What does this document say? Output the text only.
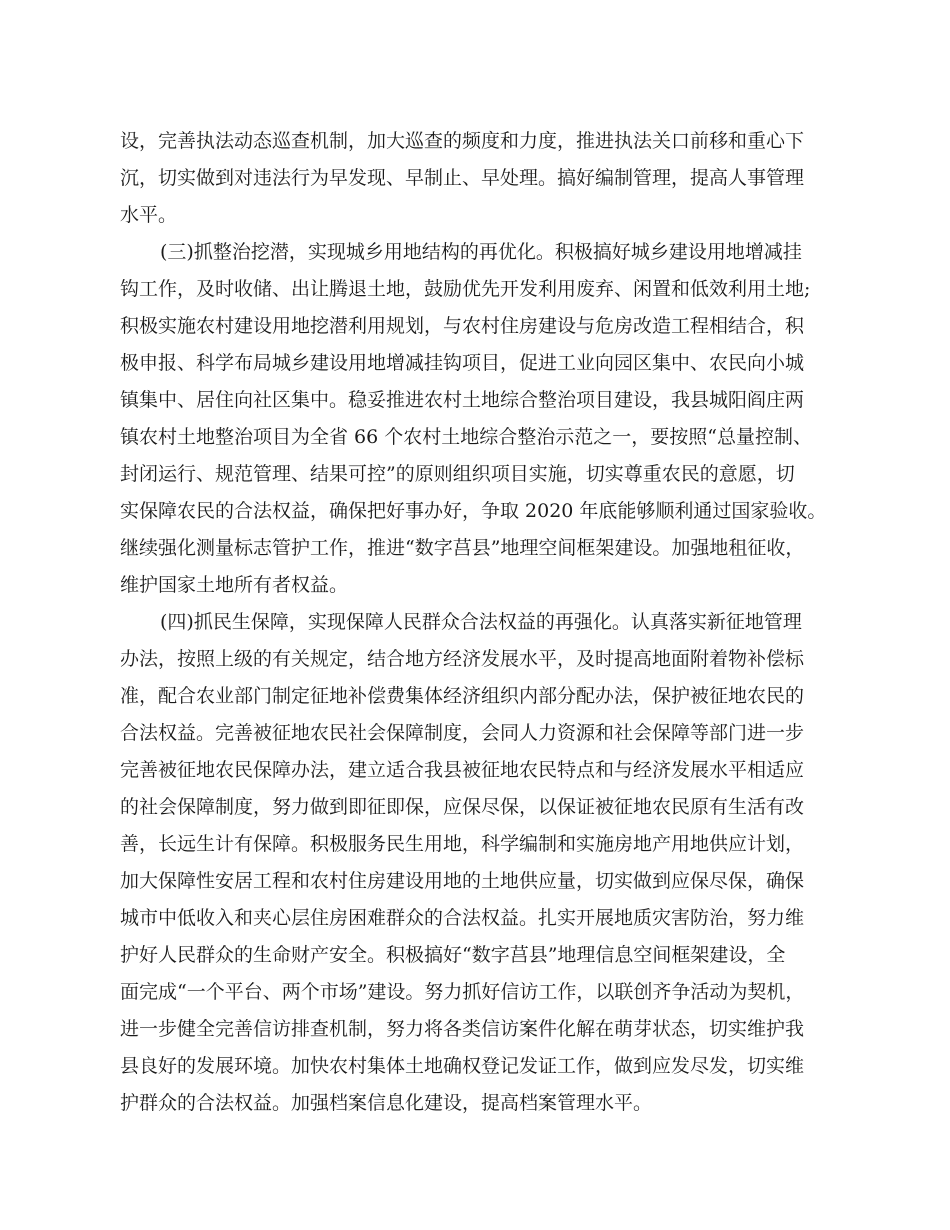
设，完善执法动态巡查机制，加大巡查的频度和力度，推进执法关口前移和重心下
沉，切实做到对违法行为早发现、早制止、早处理。搞好编制管理，提高人事管理
水平。
(三)抓整治挖潜，实现城乡用地结构的再优化。积极搞好城乡建设用地增减挂
钩工作，及时收储、出让腾退土地，鼓励优先开发利用废弃、闲置和低效利用土地;
积极实施农村建设用地挖潜利用规划，与农村住房建设与危房改造工程相结合，积
极申报、科学布局城乡建设用地增减挂钩项目，促进工业向园区集中、农民向小城
镇集中、居住向社区集中。稳妥推进农村土地综合整治项目建设，我县城阳阎庄两
镇农村土地整治项目为全省 66 个农村土地综合整治示范之一，要按照“总量控制、
封闭运行、规范管理、结果可控”的原则组织项目实施，切实尊重农民的意愿，切
实保障农民的合法权益，确保把好事办好，争取 2020 年底能够顺利通过国家验收。
继续强化测量标志管护工作，推进“数字莒县”地理空间框架建设。加强地租征收，
维护国家土地所有者权益。
(四)抓民生保障，实现保障人民群众合法权益的再强化。认真落实新征地管理
办法，按照上级的有关规定，结合地方经济发展水平，及时提高地面附着物补偿标
准，配合农业部门制定征地补偿费集体经济组织内部分配办法，保护被征地农民的
合法权益。完善被征地农民社会保障制度，会同人力资源和社会保障等部门进一步
完善被征地农民保障办法，建立适合我县被征地农民特点和与经济发展水平相适应
的社会保障制度，努力做到即征即保，应保尽保，以保证被征地农民原有生活有改
善，长远生计有保障。积极服务民生用地，科学编制和实施房地产用地供应计划，
加大保障性安居工程和农村住房建设用地的土地供应量，切实做到应保尽保，确保
城市中低收入和夹心层住房困难群众的合法权益。扎实开展地质灾害防治，努力维
护好人民群众的生命财产安全。积极搞好“数字莒县”地理信息空间框架建设，全
面完成“一个平台、两个市场”建设。努力抓好信访工作，以联创齐争活动为契机，
进一步健全完善信访排查机制，努力将各类信访案件化解在萌芽状态，切实维护我
县良好的发展环境。加快农村集体土地确权登记发证工作，做到应发尽发，切实维
护群众的合法权益。加强档案信息化建设，提高档案管理水平。
